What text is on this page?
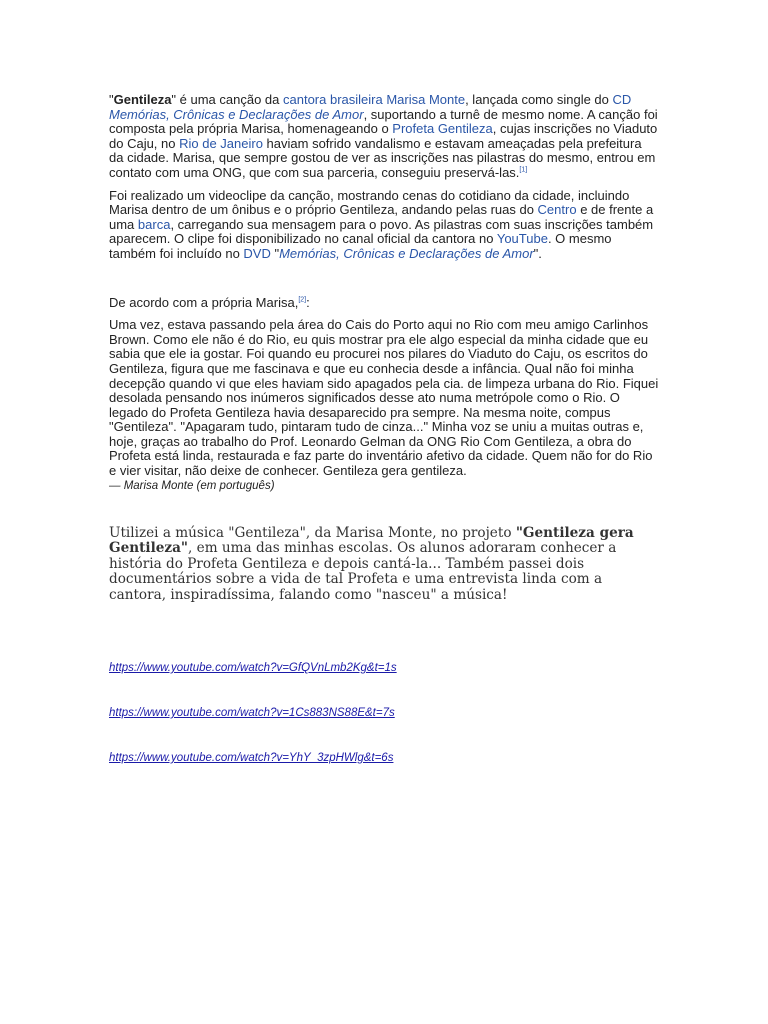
"Gentileza" é uma canção da cantora brasileira Marisa Monte, lançada como single do CD Memórias, Crônicas e Declarações de Amor, suportando a turnê de mesmo nome. A canção foi composta pela própria Marisa, homenageando o Profeta Gentileza, cujas inscrições no Viaduto do Caju, no Rio de Janeiro haviam sofrido vandalismo e estavam ameaçadas pela prefeitura da cidade. Marisa, que sempre gostou de ver as inscrições nas pilastras do mesmo, entrou em contato com uma ONG, que com sua parceria, conseguiu preservá-las.[1]

Foi realizado um videoclipe da canção, mostrando cenas do cotidiano da cidade, incluindo Marisa dentro de um ônibus e o próprio Gentileza, andando pelas ruas do Centro e de frente a uma barca, carregando sua mensagem para o povo. As pilastras com suas inscrições também aparecem. O clipe foi disponibilizado no canal oficial da cantora no YouTube. O mesmo também foi incluído no DVD "Memórias, Crônicas e Declarações de Amor".

De acordo com a própria Marisa,[2]:

Uma vez, estava passando pela área do Cais do Porto aqui no Rio com meu amigo Carlinhos Brown. Como ele não é do Rio, eu quis mostrar pra ele algo especial da minha cidade que eu sabia que ele ia gostar. Foi quando eu procurei nos pilares do Viaduto do Caju, os escritos do Gentileza, figura que me fascinava e que eu conhecia desde a infância. Qual não foi minha decepção quando vi que eles haviam sido apagados pela cia. de limpeza urbana do Rio. Fiquei desolada pensando nos inúmeros significados desse ato numa metrópole como o Rio. O legado do Profeta Gentileza havia desaparecido pra sempre. Na mesma noite, compus "Gentileza". "Apagaram tudo, pintaram tudo de cinza..." Minha voz se uniu a muitas outras e, hoje, graças ao trabalho do Prof. Leonardo Gelman da ONG Rio Com Gentileza, a obra do Profeta está linda, restaurada e faz parte do inventário afetivo da cidade. Quem não for do Rio e vier visitar, não deixe de conhecer. Gentileza gera gentileza.

— Marisa Monte (em português)

Utilizei a música "Gentileza", da Marisa Monte, no projeto "Gentileza gera Gentileza", em uma das minhas escolas. Os alunos adoraram conhecer a história do Profeta Gentileza e depois cantá-la... Também passei dois documentários sobre a vida de tal Profeta e uma entrevista linda com a cantora, inspiradíssima, falando como "nasceu" a música!

https://www.youtube.com/watch?v=GfQVnLmb2Kg&t=1s
https://www.youtube.com/watch?v=1Cs883NS88E&t=7s
https://www.youtube.com/watch?v=YhY_3zpHWlg&t=6s
